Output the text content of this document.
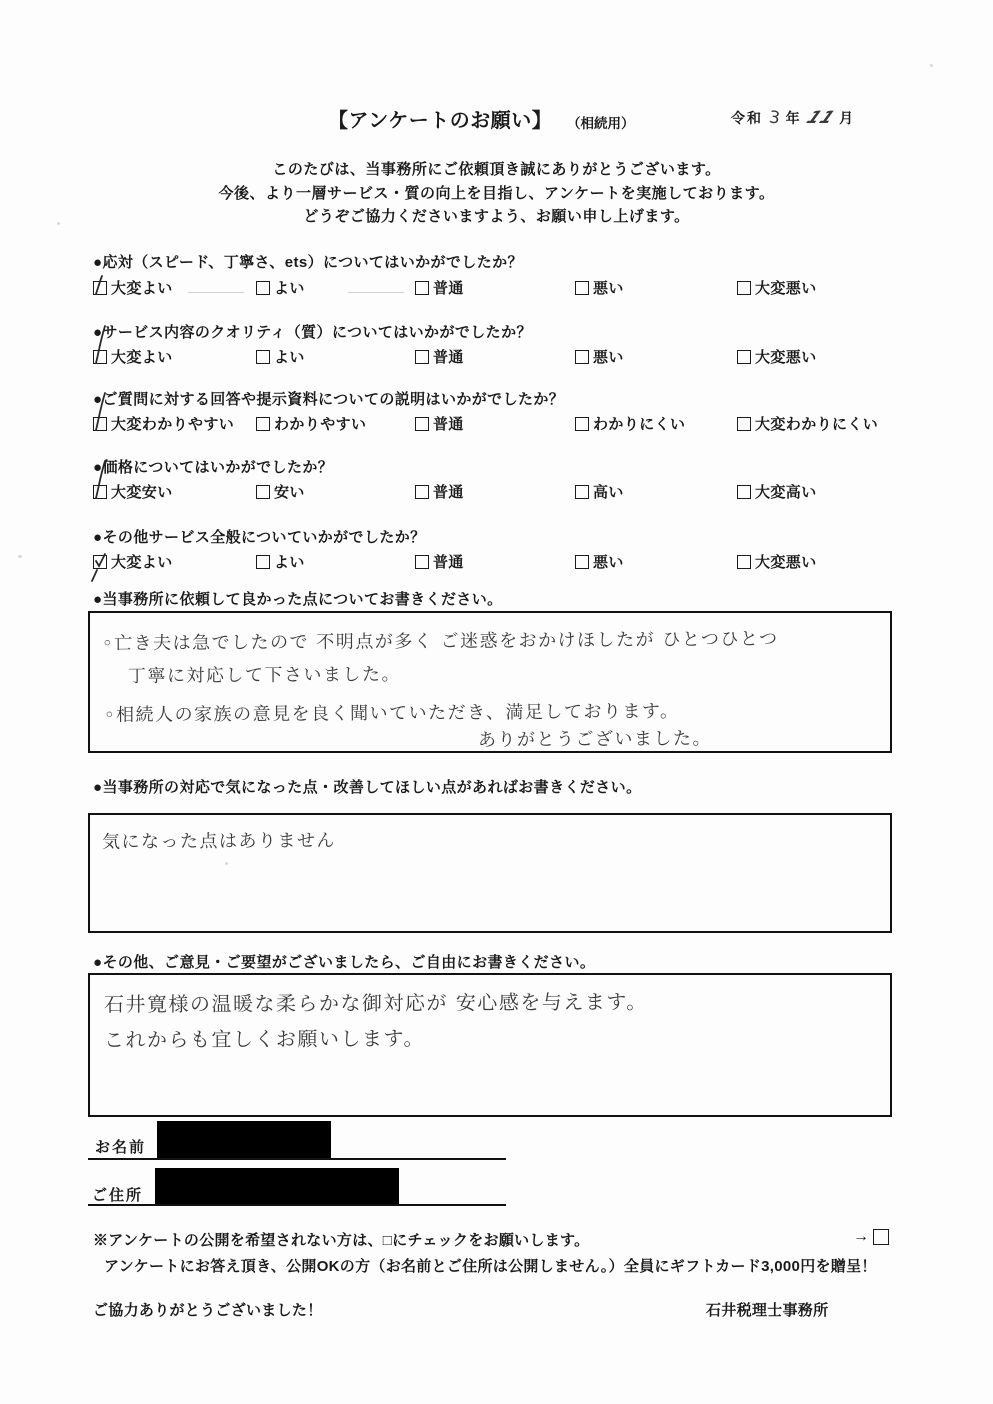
【アンケートのお願い】 （相続用）	令和 3 年 11 月
このたびは、当事務所にご依頼頂き誠にありがとうございます。
今後、より一層サービス・質の向上を目指し、アンケートを実施しております。
どうぞご協力くださいますよう、お願い申し上げます。
●応対（スピード、丁寧さ、ets）についてはいかがでしたか？
大変よい	よい	普通	悪い	大変悪い
●サービス内容のクオリティ（質）についてはいかがでしたか？
大変よい	よい	普通	悪い	大変悪い
●ご質問に対する回答や提示資料についての説明はいかがでしたか？
大変わかりやすい	わかりやすい	普通	わかりにくい	大変わかりにくい
●価格についてはいかがでしたか？
大変安い	安い	普通	高い	大変高い
●その他サービス全般についていかがでしたか？
大変よい	よい	普通	悪い	大変悪い
●当事務所に依頼して良かった点についてお書きください。
◦亡き夫は急でしたので 不明点が多く ご迷惑をおかけほしたが ひとつひとつ
丁寧に対応して下さいました。
◦相続人の家族の意見を良く聞いていただき、満足しております。
ありがとうございました。
●当事務所の対応で気になった点・改善してほしい点があればお書きください。
気になった点はありません
●その他、ご意見・ご要望がございましたら、ご自由にお書きください。
石井寛様の温暖な柔らかな御対応が 安心感を与えます。
これからも宜しくお願いします。
お名前
ご住所
※アンケートの公開を希望されない方は、□にチェックをお願いします。	→
アンケートにお答え頂き、公開OKの方（お名前とご住所は公開しません。）全員にギフトカード3,000円を贈呈！
ご協力ありがとうございました！	石井税理士事務所
